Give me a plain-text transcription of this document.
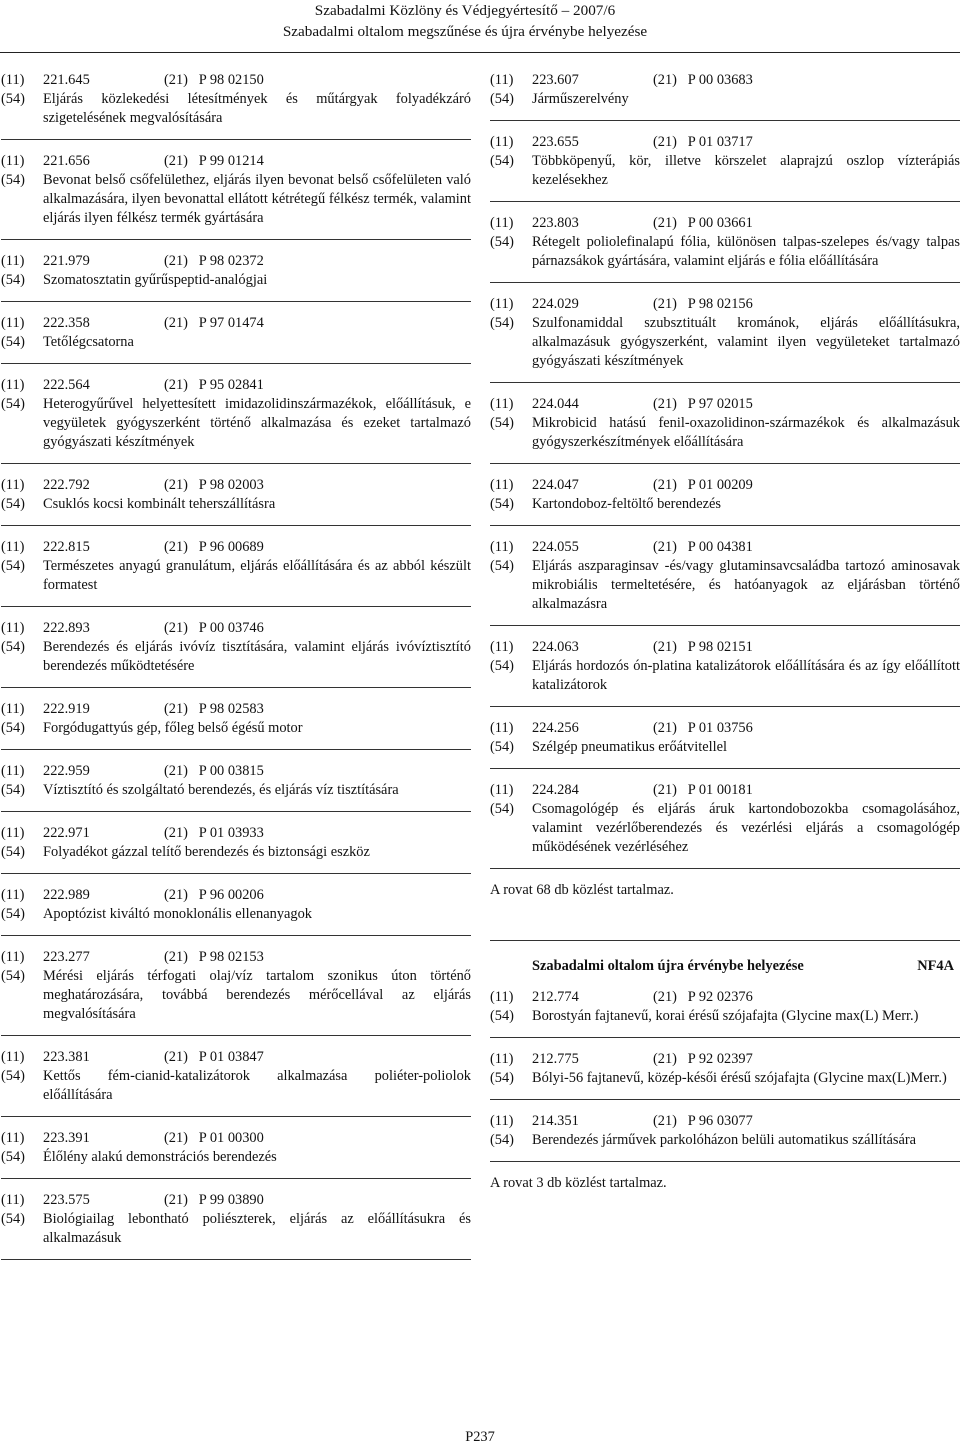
Szabadalmi Közlöny és Védjegyértesítő – 2007/6
Szabadalmi oltalom megszűnése és újra érvénybe helyezése
(11)	221.645	(21) P 98 02150
(54)	Eljárás közlekedési létesítmények és műtárgyak folyadékzáró szigetelésének megvalósítására
(11)	221.656	(21) P 99 01214
(54)	Bevonat belső csőfelülethez, eljárás ilyen bevonat belső csőfelületen való alkalmazására, ilyen bevonattal ellátott kétrétegű félkész termék, valamint eljárás ilyen félkész termék gyártására
(11)	221.979	(21) P 98 02372
(54)	Szomatosztatin gyűrűspeptid-analógjai
(11)	222.358	(21) P 97 01474
(54)	Tetőlégcsatorna
(11)	222.564	(21) P 95 02841
(54)	Heterogyűrűvel helyettesített imidazolidinszármazékok, előállításuk, e vegyületek gyógyszerként történő alkalmazása és ezeket tartalmazó gyógyászati készítmények
(11)	222.792	(21) P 98 02003
(54)	Csuklós kocsi kombinált teherszállításra
(11)	222.815	(21) P 96 00689
(54)	Természetes anyagú granulátum, eljárás előállítására és az abból készült formatest
(11)	222.893	(21) P 00 03746
(54)	Berendezés és eljárás ivóvíz tisztítására, valamint eljárás ivóvíztisztító berendezés működtetésére
(11)	222.919	(21) P 98 02583
(54)	Forgódugattyús gép, főleg belső égésű motor
(11)	222.959	(21) P 00 03815
(54)	Víztisztító és szolgáltató berendezés, és eljárás víz tisztítására
(11)	222.971	(21) P 01 03933
(54)	Folyadékot gázzal telítő berendezés és biztonsági eszköz
(11)	222.989	(21) P 96 00206
(54)	Apoptózist kiváltó monoklonális ellenanyagok
(11)	223.277	(21) P 98 02153
(54)	Mérési eljárás térfogati olaj/víz tartalom szonikus úton történő meghatározására, továbbá berendezés mérőcellával az eljárás megvalósítására
(11)	223.381	(21) P 01 03847
(54)	Kettős fém-cianid-katalizátorok alkalmazása poliéter-poliolok előállítására
(11)	223.391	(21) P 01 00300
(54)	Élőlény alakú demonstrációs berendezés
(11)	223.575	(21) P 99 03890
(54)	Biológiailag lebontható poliészterek, eljárás az előállításukra és alkalmazásuk
(11)	223.607	(21) P 00 03683
(54)	Járműszerelvény
(11)	223.655	(21) P 01 03717
(54)	Többköpenyű, kör, illetve körszelet alaprajzú oszlop vízterápiás kezelésekhez
(11)	223.803	(21) P 00 03661
(54)	Rétegelt poliolefinalapú fólia, különösen talpas-szelepes és/vagy talpas párnazsákok gyártására, valamint eljárás e fólia előállítására
(11)	224.029	(21) P 98 02156
(54)	Szulfonamiddal szubsztituált krománok, eljárás előállításukra, alkalmazásuk gyógyszerként, valamint ilyen vegyületeket tartalmazó gyógyászati készítmények
(11)	224.044	(21) P 97 02015
(54)	Mikrobicid hatású fenil-oxazolidinon-származékok és alkalmazásuk gyógyszerkészítmények előállítására
(11)	224.047	(21) P 01 00209
(54)	Kartondoboz-feltöltő berendezés
(11)	224.055	(21) P 00 04381
(54)	Eljárás aszparaginsav -és/vagy glutaminsavcsaládba tartozó aminosavak mikrobiális termeltetésére, és hatóanyagok az eljárásban történő alkalmazásra
(11)	224.063	(21) P 98 02151
(54)	Eljárás hordozós ón-platina katalizátorok előállítására és az így előállított katalizátorok
(11)	224.256	(21) P 01 03756
(54)	Szélgép pneumatikus erőátvitellel
(11)	224.284	(21) P 01 00181
(54)	Csomagológép és eljárás áruk kartondobozokba csomagolásához, valamint vezérlőberendezés és vezérlési eljárás a csomagológép működésének vezérléséhez
A rovat 68 db közlést tartalmaz.
Szabadalmi oltalom újra érvénybe helyezése	NF4A
(11)	212.774	(21) P 92 02376
(54)	Borostyán fajtanevű, korai érésű szójafajta (Glycine max(L) Merr.)
(11)	212.775	(21) P 92 02397
(54)	Bólyi-56 fajtanevű, közép-késői érésű szójafajta (Glycine max(L)Merr.)
(11)	214.351	(21) P 96 03077
(54)	Berendezés járművek parkolóházon belüli automatikus szállítására
A rovat 3 db közlést tartalmaz.
P237
